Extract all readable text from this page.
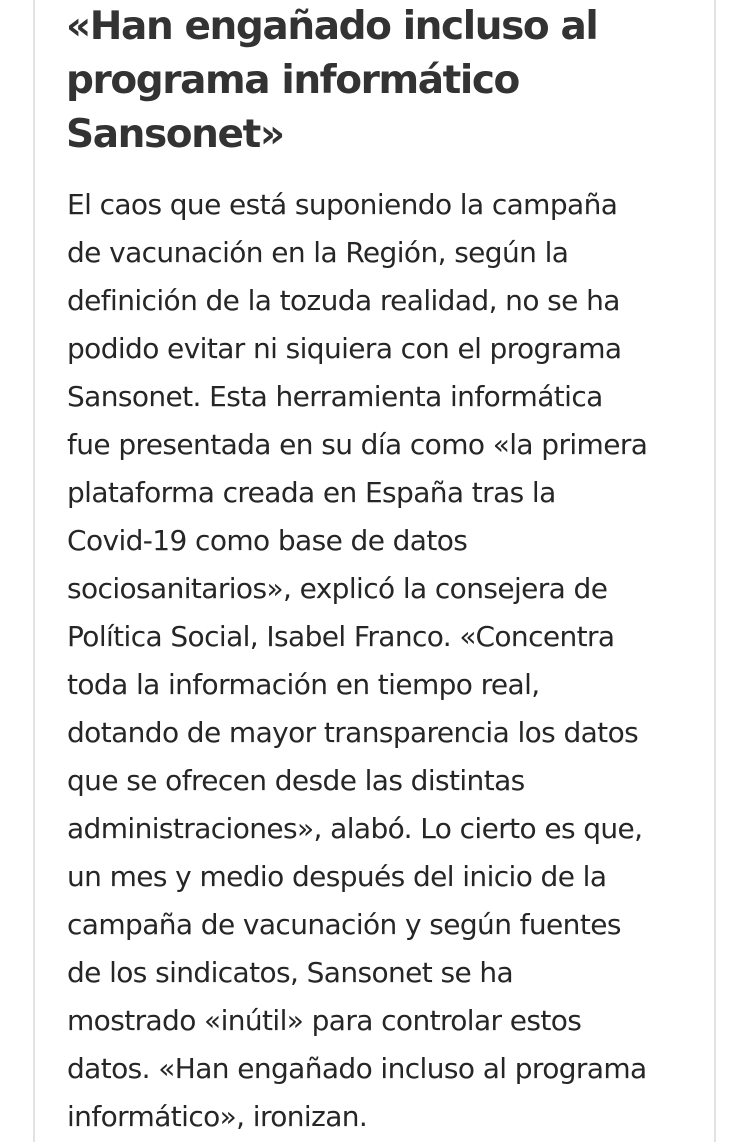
«Han engañado incluso al
programa informático
Sansonet»

El caos que está suponiendo la campaña
de vacunación en la Región, según la
definición de la tozuda realidad, no se ha
podido evitar ni siquiera con el programa
Sansonet. Esta herramienta informática
fue presentada en su día como «la primera
plataforma creada en España tras la
Covid-19 como base de datos
sociosanitarios», explicó la consejera de
Política Social, Isabel Franco. «Concentra
toda la información en tiempo real,
dotando de mayor transparencia los datos
que se ofrecen desde las distintas
administraciones», alabó. Lo cierto es que,
un mes y medio después del inicio de la
campaña de vacunación y según fuentes
de los sindicatos, Sansonet se ha
mostrado «inútil» para controlar estos
datos. «Han engañado incluso al programa
informático», ironizan.
